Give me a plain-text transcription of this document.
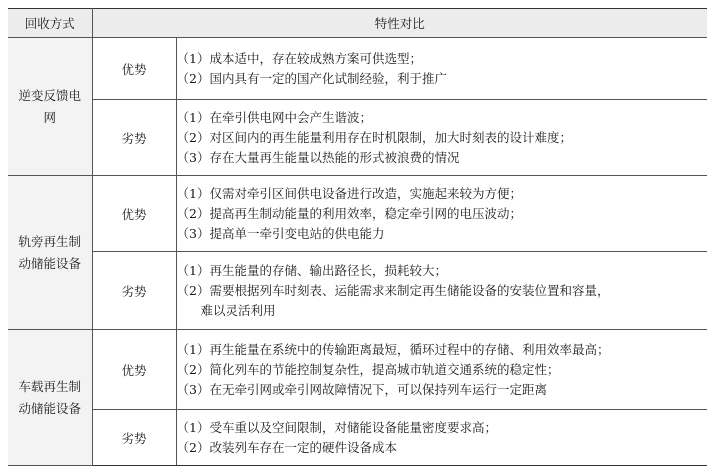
回收方式	特性对比	
逆变反馈电网	优势	（1）成本适中，存在较成熟方案可供选型；
（2）国内具有一定的国产化试制经验，利于推广

	劣势	（1）在牵引供电网中会产生谐波；
（2）对区间内的再生能量利用存在时机限制，加大时刻表的设计难度；
（3）存在大量再生能量以热能的形式被浪费的情况

轨旁再生制动储能设备	优势	（1）仅需对牵引区间供电设备进行改造，实施起来较为方便；
（2）提高再生制动能量的利用效率，稳定牵引网的电压波动；
（3）提高单一牵引变电站的供电能力

	劣势	（1）再生能量的存储、输出路径长，损耗较大；
（2）需要根据列车时刻表、运能需求来制定再生储能设备的安装位置和容量，
难以灵活利用

车载再生制动储能设备	优势	（1）再生能量在系统中的传输距离最短，循环过程中的存储、利用效率最高；
（2）简化列车的节能控制复杂性，提高城市轨道交通系统的稳定性；
（3）在无牵引网或牵引网故障情况下，可以保持列车运行一定距离

	劣势	（1）受车重以及空间限制，对储能设备能量密度要求高；
（2）改装列车存在一定的硬件设备成本
